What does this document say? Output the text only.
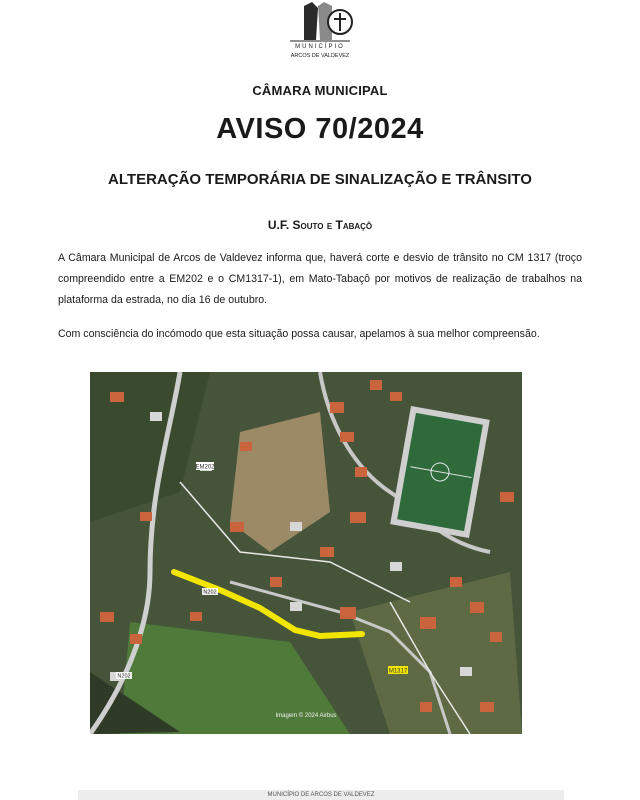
MUNICÍPIO
ARCOS DE VALDEVEZ
CÂMARA MUNICIPAL
AVISO 70/2024
ALTERAÇÃO TEMPORÁRIA DE SINALIZAÇÃO E TRÂNSITO
U.F. Souto e Tabaçô

A Câmara Municipal de Arcos de Valdevez informa que, haverá corte e desvio de trânsito no CM 1317 (troço compreendido entre a EM202 e o CM1317-1), em Mato-Tabaçô por motivos de realização de trabalhos na plataforma da estrada, no dia 16 de outubro.

Com consciência do incómodo que esta situação possa causar, apelamos à sua melhor compreensão.

EM202
M1317
N202
N202
Imagem © 2024 Airbus
MUNICÍPIO DE ARCOS DE VALDEVEZ
